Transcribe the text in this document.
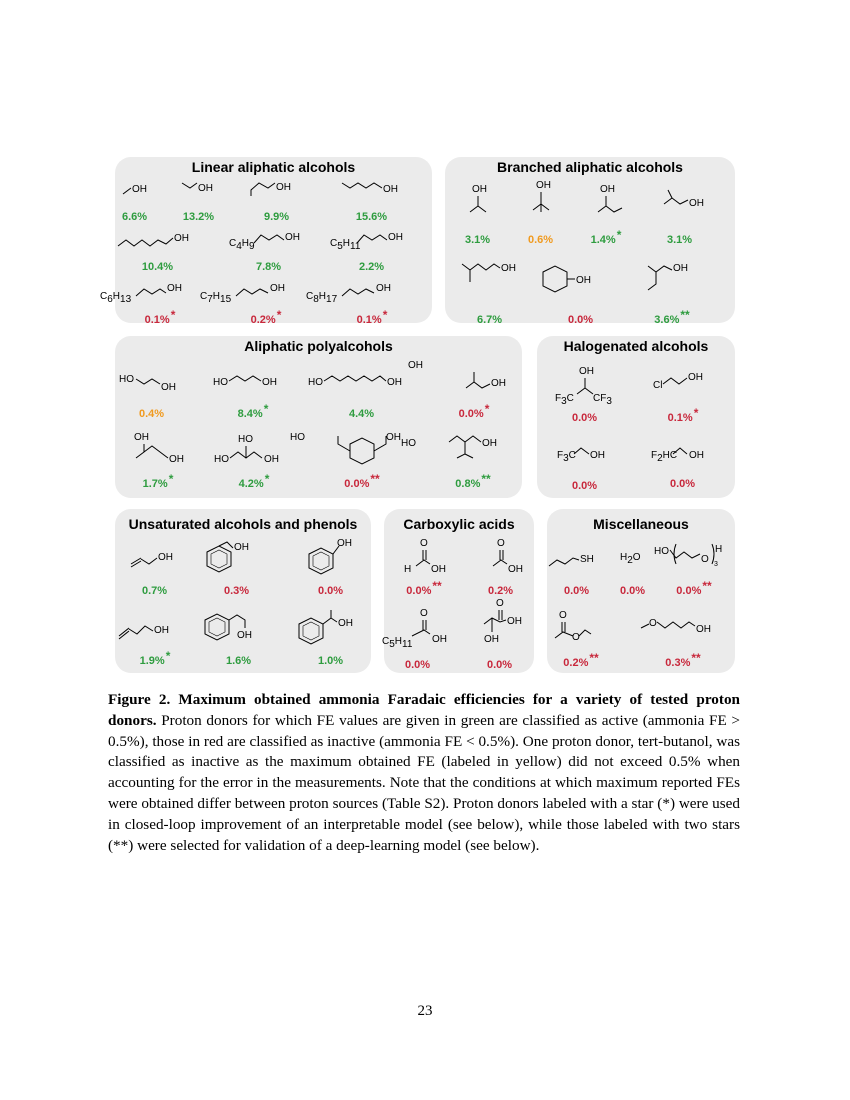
Linear aliphatic alcohols
OH
6.6%
OH
13.2%
OH
9.9%
OH
15.6%
OH
10.4%
C4H9
OH
7.8%
C5H11
OH
2.2%
C6H13
OH
0.1%*
C7H15
OH
0.2%*
C8H17
OH
0.1%*
Branched aliphatic alcohols
OH
3.1%
OH
0.6%
OH
1.4%*
OH
3.1%
OH
6.7%
OH
0.0%
OH
3.6%**
Aliphatic polyalcohols
HO
OH
0.4%
HO	OH
8.4%*
HO	OH
4.4%
OH
OH
0.0%*
OH
OH
1.7%*
HO
HO	OH
4.2%*
HO	OH
0.0%**
HO	OH
0.8%**
Halogenated alcohols
OH
F3C CF3
0.0%
Cl
OH
0.1%*
F3C OH
0.0%
F2HC OH
0.0%
Unsaturated alcohols and phenols
OH
0.7%
OH
0.3%
OH
0.0%
OH
1.9%*
OH
1.6%
OH
1.0%
Carboxylic acids
O
H OH
0.0%**
O
OH
0.2%
O
C5H11 OH
0.0%
O
OH
OH
0.0%
Miscellaneous
SH
0.0%
H2O
0.0%
HO
O
H
3
0.0%**
O
O
0.2%**
O
OH
0.3%**
Figure 2. Maximum obtained ammonia Faradaic efficiencies for a variety of tested proton donors. Proton donors for which FE values are given in green are classified as active (ammonia FE > 0.5%), those in red are classified as inactive (ammonia FE < 0.5%). One proton donor, tert-butanol, was classified as inactive as the maximum obtained FE (labeled in yellow) did not exceed 0.5% when accounting for the error in the measurements. Note that the conditions at which maximum reported FEs were obtained differ between proton sources (Table S2). Proton donors labeled with a star (*) were used in closed-loop improvement of an interpretable model (see below), while those labeled with two stars (**) were selected for validation of a deep-learning model (see below).
23
